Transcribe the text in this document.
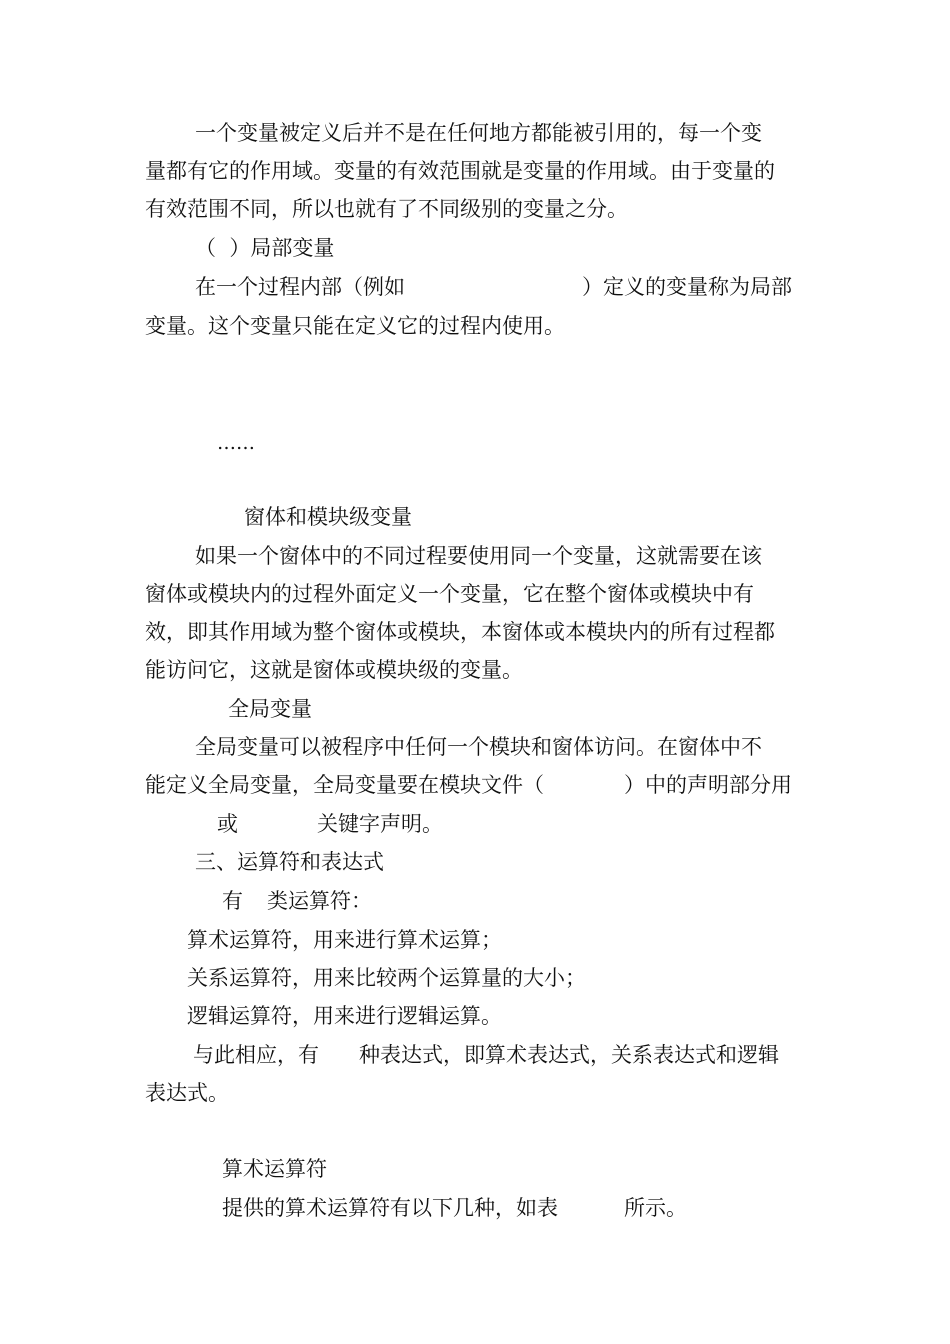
一个变量被定义后并不是在任何地方都能被引用的，每一个变

量都有它的作用域。变量的有效范围就是变量的作用域。由于变量的

有效范围不同，所以也就有了不同级别的变量之分。

（  ）局部变量

在一个过程内部（例如	）定义的变量称为局部

变量。这个变量只能在定义它的过程内使用。

……

窗体和模块级变量

如果一个窗体中的不同过程要使用同一个变量，这就需要在该

窗体或模块内的过程外面定义一个变量，它在整个窗体或模块中有

效，即其作用域为整个窗体或模块，本窗体或本模块内的所有过程都

能访问它，这就是窗体或模块级的变量。

全局变量

全局变量可以被程序中任何一个模块和窗体访问。在窗体中不

能定义全局变量，全局变量要在模块文件（	）中的声明部分用

或	关键字声明。

三、运算符和表达式

有 类运算符：

算术运算符，用来进行算术运算；

关系运算符，用来比较两个运算量的大小；

逻辑运算符，用来进行逻辑运算。

与此相应，有 种表达式，即算术表达式，关系表达式和逻辑

表达式。

算术运算符

提供的算术运算符有以下几种，如表	所示。
